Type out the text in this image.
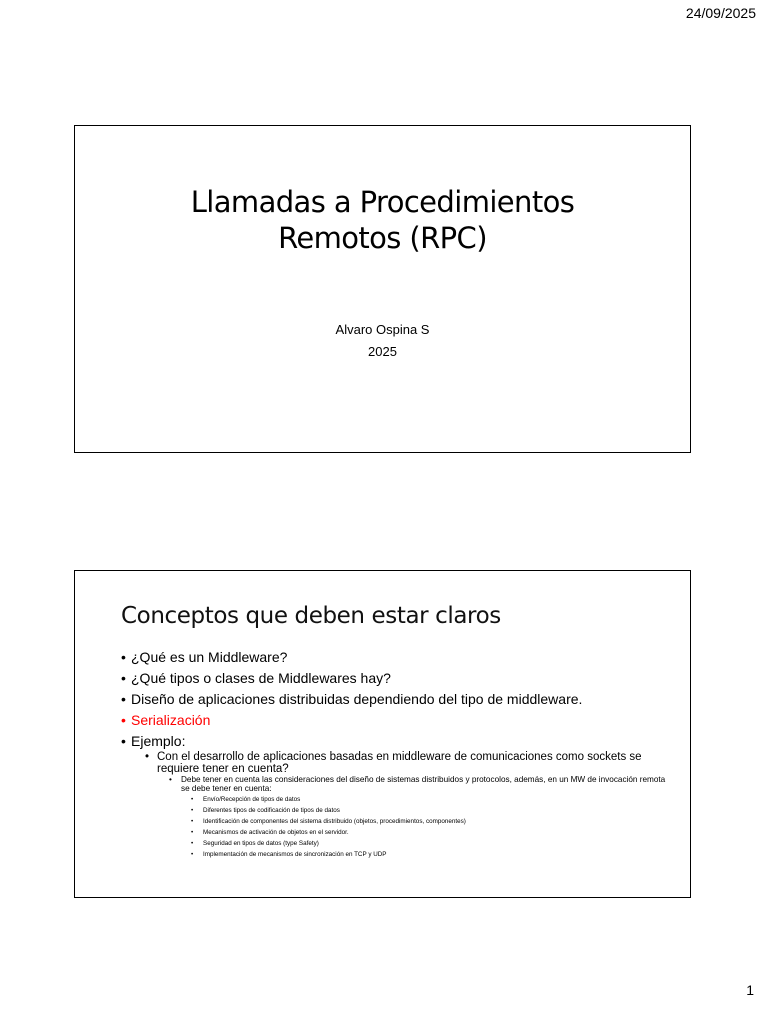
24/09/2025
Llamadas a Procedimientos
Remotos (RPC)
Alvaro Ospina S
2025
Conceptos que deben estar claros
• ¿Qué es un Middleware?
• ¿Qué tipos o clases de Middlewares hay?
• Diseño de aplicaciones distribuidas dependiendo del tipo de middleware.
• Serialización
• Ejemplo:
• Con el desarrollo de aplicaciones basadas en middleware de comunicaciones como sockets se requiere tener en cuenta?
• Debe tener en cuenta las consideraciones del diseño de sistemas distribuidos y protocolos, además, en un MW de invocación remota se debe tener en cuenta:
• Envío/Recepción de tipos de datos
• Diferentes tipos de codificación de tipos de datos
• Identificación de componentes del sistema distribuido (objetos, procedimientos, componentes)
• Mecanismos de activación de objetos en el servidor.
• Seguridad en tipos de datos (type Safety)
• Implementación de mecanismos de sincronización en TCP y UDP
1
